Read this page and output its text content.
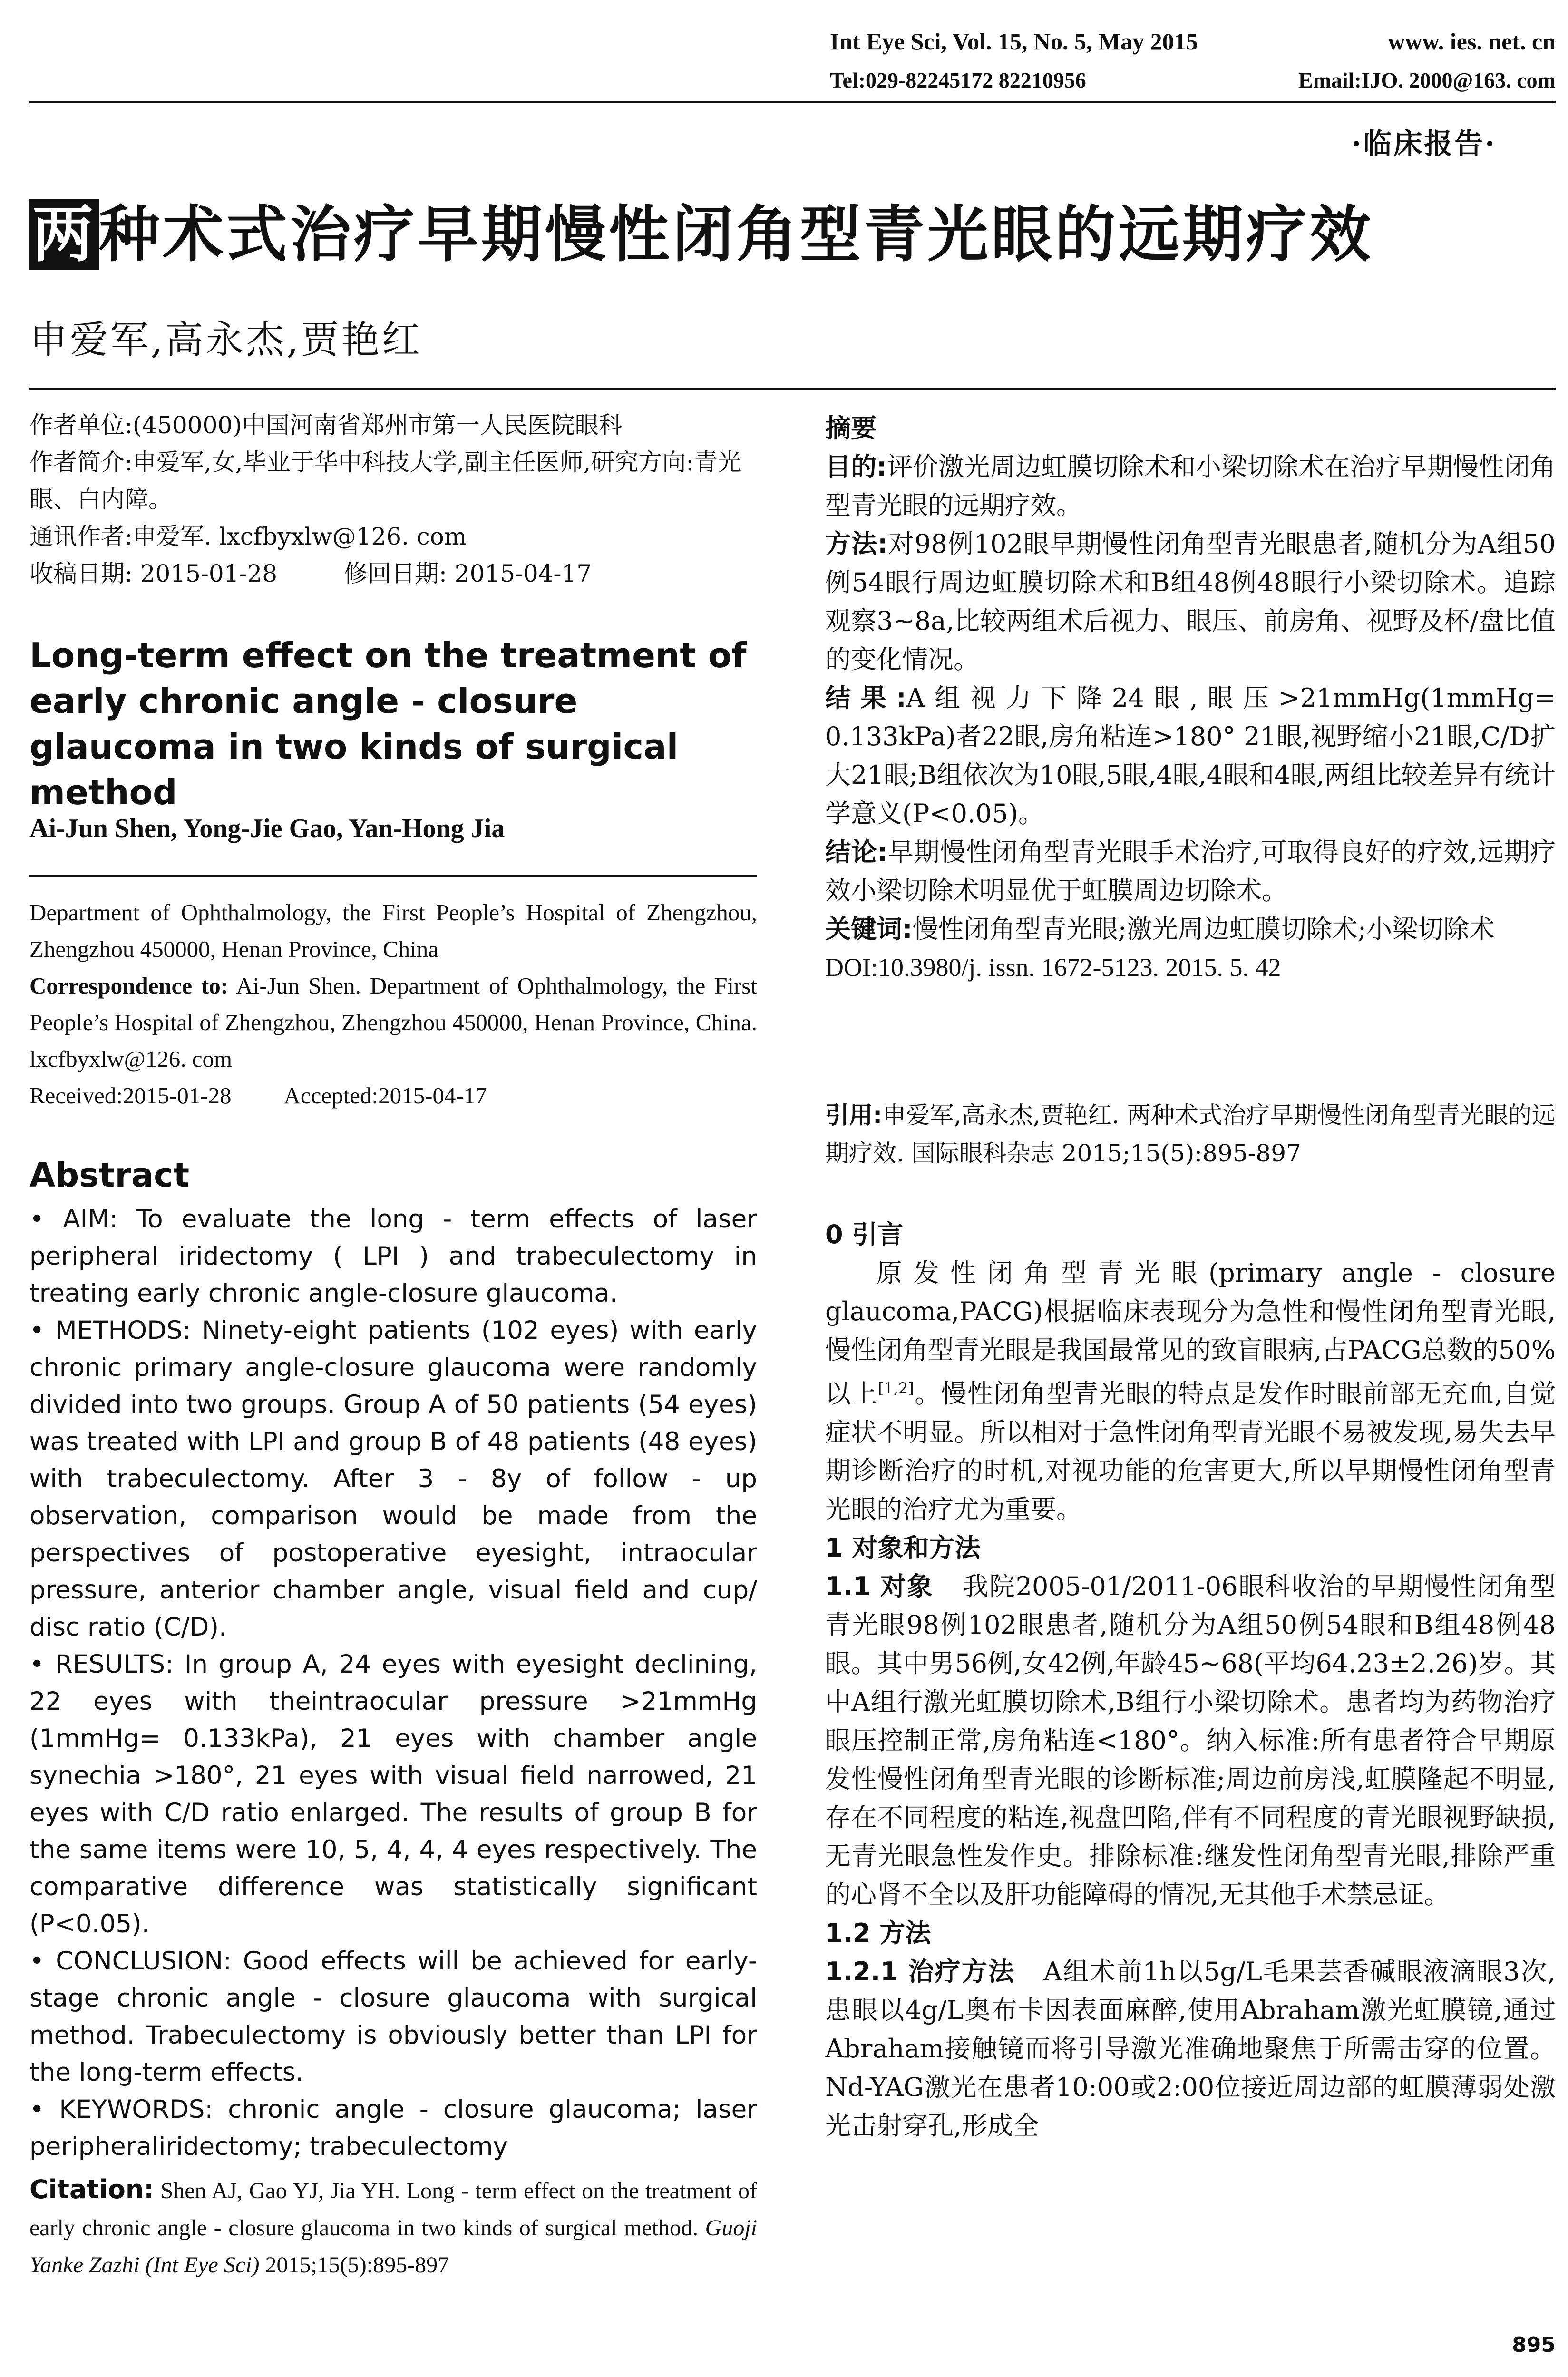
Int Eye Sci, Vol. 15, No. 5, May 2015	www. ies. net. cn
Tel:029-82245172 82210956	Email:IJO. 2000@163. com
·临床报告·
两种术式治疗早期慢性闭角型青光眼的远期疗效
申爱军,高永杰,贾艳红

作者单位:(450000)中国河南省郑州市第一人民医院眼科

作者简介:申爱军,女,毕业于华中科技大学,副主任医师,研究方向:青光眼、白内障。

通讯作者:申爱军. lxcfbyxlw@126. com

收稿日期: 2015-01-28	修回日期: 2015-04-17

Long-term effect on the treatment of early chronic angle - closure glaucoma in two kinds of surgical method
Ai-Jun Shen, Yong-Jie Gao, Yan-Hong Jia

Department of Ophthalmology, the First People’s Hospital of Zhengzhou, Zhengzhou 450000, Henan Province, China

Correspondence to: Ai-Jun Shen. Department of Ophthalmology, the First People’s Hospital of Zhengzhou, Zhengzhou 450000, Henan Province, China. lxcfbyxlw@126. com

Received:2015-01-28 Accepted:2015-04-17

Abstract

• AIM: To evaluate the long - term effects of laser peripheral iridectomy ( LPI ) and trabeculectomy in treating early chronic angle-closure glaucoma.

• METHODS: Ninety-eight patients (102 eyes) with early chronic primary angle-closure glaucoma were randomly divided into two groups. Group A of 50 patients (54 eyes) was treated with LPI and group B of 48 patients (48 eyes) with trabeculectomy. After 3 - 8y of follow - up observation, comparison would be made from the perspectives of postoperative eyesight, intraocular pressure, anterior chamber angle, visual field and cup/ disc ratio (C/D).

• RESULTS: In group A, 24 eyes with eyesight declining, 22 eyes with theintraocular pressure >21mmHg (1mmHg= 0.133kPa), 21 eyes with chamber angle synechia >180°, 21 eyes with visual field narrowed, 21 eyes with C/D ratio enlarged. The results of group B for the same items were 10, 5, 4, 4, 4 eyes respectively. The comparative difference was statistically significant (P<0.05).

• CONCLUSION: Good effects will be achieved for early-stage chronic angle - closure glaucoma with surgical method. Trabeculectomy is obviously better than LPI for the long-term effects.

• KEYWORDS: chronic angle - closure glaucoma; laser peripheraliridectomy; trabeculectomy

Citation: Shen AJ, Gao YJ, Jia YH. Long - term effect on the treatment of early chronic angle - closure glaucoma in two kinds of surgical method. Guoji Yanke Zazhi (Int Eye Sci) 2015;15(5):895-897

摘要

目的:评价激光周边虹膜切除术和小梁切除术在治疗早期慢性闭角型青光眼的远期疗效。

方法:对98例102眼早期慢性闭角型青光眼患者,随机分为A组50例54眼行周边虹膜切除术和B组48例48眼行小梁切除术。追踪观察3~8a,比较两组术后视力、眼压、前房角、视野及杯/盘比值的变化情况。

结果:A组视力下降24眼,眼压>21mmHg(1mmHg= 0.133kPa)者22眼,房角粘连>180° 21眼,视野缩小21眼,C/D扩大21眼;B组依次为10眼,5眼,4眼,4眼和4眼,两组比较差异有统计学意义(P<0.05)。

结论:早期慢性闭角型青光眼手术治疗,可取得良好的疗效,远期疗效小梁切除术明显优于虹膜周边切除术。

关键词:慢性闭角型青光眼;激光周边虹膜切除术;小梁切除术

DOI:10.3980/j. issn. 1672-5123. 2015. 5. 42

引用:申爱军,高永杰,贾艳红. 两种术式治疗早期慢性闭角型青光眼的远期疗效. 国际眼科杂志 2015;15(5):895-897

0 引言

原发性闭角型青光眼(primary angle - closure glaucoma,PACG)根据临床表现分为急性和慢性闭角型青光眼,慢性闭角型青光眼是我国最常见的致盲眼病,占PACG总数的50%以上[1,2]。慢性闭角型青光眼的特点是发作时眼前部无充血,自觉症状不明显。所以相对于急性闭角型青光眼不易被发现,易失去早期诊断治疗的时机,对视功能的危害更大,所以早期慢性闭角型青光眼的治疗尤为重要。

1 对象和方法

1.1 对象 我院2005-01/2011-06眼科收治的早期慢性闭角型青光眼98例102眼患者,随机分为A组50例54眼和B组48例48眼。其中男56例,女42例,年龄45~68(平均64.23±2.26)岁。其中A组行激光虹膜切除术,B组行小梁切除术。患者均为药物治疗眼压控制正常,房角粘连<180°。纳入标准:所有患者符合早期原发性慢性闭角型青光眼的诊断标准;周边前房浅,虹膜隆起不明显,存在不同程度的粘连,视盘凹陷,伴有不同程度的青光眼视野缺损,无青光眼急性发作史。排除标准:继发性闭角型青光眼,排除严重的心肾不全以及肝功能障碍的情况,无其他手术禁忌证。

1.2 方法

1.2.1 治疗方法 A组术前1h以5g/L毛果芸香碱眼液滴眼3次,患眼以4g/L奥布卡因表面麻醉,使用Abraham激光虹膜镜,通过Abraham接触镜而将引导激光准确地聚焦于所需击穿的位置。Nd-YAG激光在患者10:00或2:00位接近周边部的虹膜薄弱处激光击射穿孔,形成全

895
